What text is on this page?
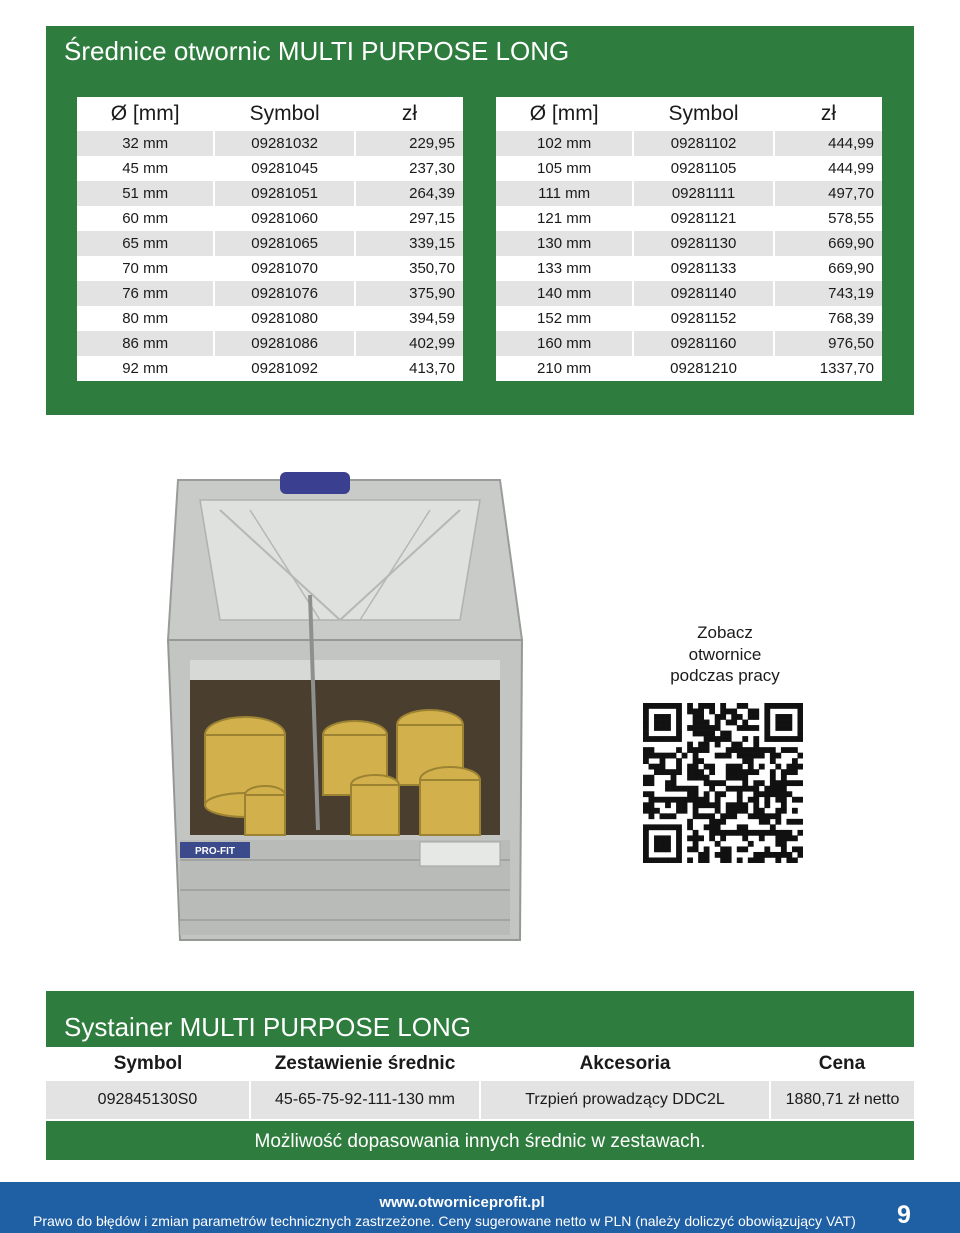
Średnice otwornic MULTI PURPOSE LONG
Ø [mm]	Symbol	zł
32 mm	09281032	229,95
45 mm	09281045	237,30
51 mm	09281051	264,39
60 mm	09281060	297,15
65 mm	09281065	339,15
70 mm	09281070	350,70
76 mm	09281076	375,90
80 mm	09281080	394,59
86 mm	09281086	402,99
92 mm	09281092	413,70
Ø [mm]	Symbol	zł
102 mm	09281102	444,99
105 mm	09281105	444,99
111 mm	09281111	497,70
121 mm	09281121	578,55
130 mm	09281130	669,90
133 mm	09281133	669,90
140 mm	09281140	743,19
152 mm	09281152	768,39
160 mm	09281160	976,50
210 mm	09281210	1337,70
PRO-FIT
Zobacz
otwornice
podczas pracy
Systainer MULTI PURPOSE LONG
Symbol	Zestawienie średnic	Akcesoria	Cena
092845130S0	45-65-75-92-111-130 mm	Trzpień prowadzący DDC2L	1880,71 zł netto
Możliwość dopasowania innych średnic w zestawach.
www.otwornicеprofit.pl
Prawo do błędów i zmian parametrów technicznych zastrzeżone. Ceny sugerowane netto w PLN (należy doliczyć obowiązujący VAT) 9
